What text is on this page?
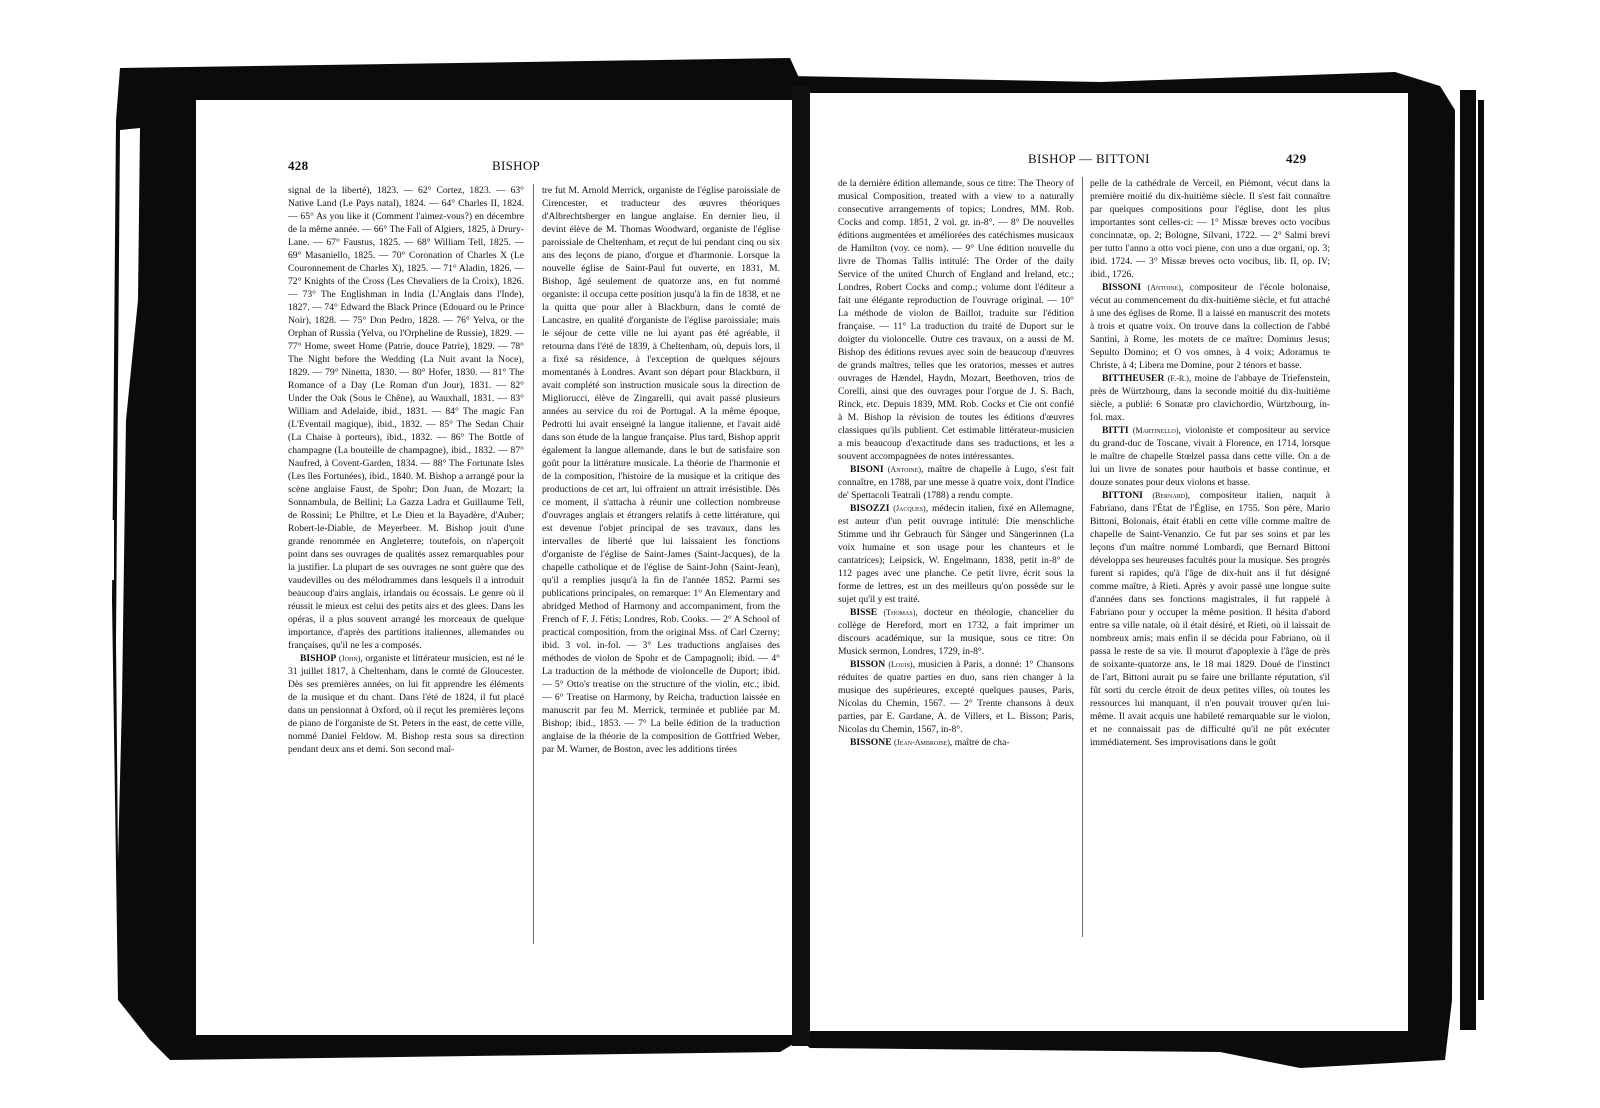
428	BISHOP

signal de la liberté), 1823. — 62° Cortez, 1823. — 63° Native Land (Le Pays natal), 1824. — 64° Charles II, 1824. — 65° As you like it (Comment l'aimez-vous?) en décembre de la même année. — 66° The Fall of Algiers, 1825, à Drury-Lane. — 67° Faustus, 1825. — 68° William Tell, 1825. — 69° Masaniello, 1825. — 70° Coronation of Charles X (Le Couronnement de Charles X), 1825. — 71° Aladin, 1826. — 72° Knights of the Cross (Les Chevaliers de la Croix), 1826. — 73° The Englishman in India (L'Anglais dans l'Inde), 1827. — 74° Edward the Black Prince (Edouard ou le Prince Noir), 1828. — 75° Don Pedro, 1828. — 76° Yelva, or the Orphan of Russia (Yelva, ou l'Orpheline de Russie), 1829. — 77° Home, sweet Home (Patrie, douce Patrie), 1829. — 78° The Night before the Wedding (La Nuit avant la Noce), 1829. — 79° Ninetta, 1830. — 80° Hofer, 1830. — 81° The Romance of a Day (Le Roman d'un Jour), 1831. — 82° Under the Oak (Sous le Chêne), au Wauxhall, 1831. — 83° William and Adelaide, ibid., 1831. — 84° The magic Fan (L'Eventail magique), ibid., 1832. — 85° The Sedan Chair (La Chaise à porteurs), ibid., 1832. — 86° The Bottle of champagne (La bouteille de champagne), ibid., 1832. — 87° Naufred, à Covent-Garden, 1834. — 88° The Fortunate Isles (Les îles Fortunées), ibid., 1840. M. Bishop a arrangé pour la scène anglaise Faust, de Spohr; Don Juan, de Mozart; la Sonnambula, de Bellini; La Gazza Ladra et Guillaume Tell, de Rossini; Le Philtre, et Le Dieu et la Bayadère, d'Auber; Robert-le-Diable, de Meyerbeer. M. Bishop jouit d'une grande renommée en Angleterre; toutefois, on n'aperçoit point dans ses ouvrages de qualités assez remarquables pour la justifier. La plupart de ses ouvrages ne sont guère que des vaudevilles ou des mélodrammes dans lesquels il a introduit beaucoup d'airs anglais, irlandais ou écossais. Le genre où il réussit le mieux est celui des petits airs et des glees. Dans les opéras, il a plus souvent arrangé les morceaux de quelque importance, d'après des partitions italiennes, allemandes ou françaises, qu'il ne les a composés.

BISHOP (John), organiste et littérateur musicien, est né le 31 juillet 1817, à Cheltenham, dans le comté de Gloucester. Dès ses premières années, on lui fit apprendre les éléments de la musique et du chant. Dans l'été de 1824, il fut placé dans un pensionnat à Oxford, où il reçut les premières leçons de piano de l'organiste de St. Peters in the east, de cette ville, nommé Daniel Feldow. M. Bishop resta sous sa direction pendant deux ans et demi. Son second maî-

tre fut M. Arnold Merrick, organiste de l'église paroissiale de Cirencester, et traducteur des œuvres théoriques d'Albrechtsberger en langue anglaise. En dernier lieu, il devint élève de M. Thomas Woodward, organiste de l'église paroissiale de Cheltenham, et reçut de lui pendant cinq ou six ans des leçons de piano, d'orgue et d'harmonie. Lorsque la nouvelle église de Saint-Paul fut ouverte, en 1831, M. Bishop, âgé seulement de quatorze ans, en fut nommé organiste: il occupa cette position jusqu'à la fin de 1838, et ne la quitta que pour aller à Blackburn, dans le comté de Lancastre, en qualité d'organiste de l'église paroissiale; mais le séjour de cette ville ne lui ayant pas été agréable, il retourna dans l'été de 1839, à Cheltenham, où, depuis lors, il a fixé sa résidence, à l'exception de quelques séjours momentanés à Londres. Avant son départ pour Blackburn, il avait complété son instruction musicale sous la direction de Migliorucci, élève de Zingarelli, qui avait passé plusieurs années au service du roi de Portugal. A la même époque, Pedrotti lui avait enseigné la langue italienne, et l'avait aidé dans son étude de la langue française. Plus tard, Bishop apprit également la langue allemande, dans le but de satisfaire son goût pour la littérature musicale. La théorie de l'harmonie et de la composition, l'histoire de la musique et la critique des productions de cet art, lui offraient un attrait irrésistible. Dès ce moment, il s'attacha à réunir une collection nombreuse d'ouvrages anglais et étrangers relatifs à cette littérature, qui est devenue l'objet principal de ses travaux, dans les intervalles de liberté que lui laissaient les fonctions d'organiste de l'église de Saint-James (Saint-Jacques), de la chapelle catholique et de l'église de Saint-John (Saint-Jean), qu'il a remplies jusqu'à la fin de l'année 1852. Parmi ses publications principales, on remarque: 1° An Elementary and abridged Method of Harmony and accompaniment, from the French of F. J. Fétis; Londres, Rob. Cooks. — 2° A School of practical composition, from the original Mss. of Carl Czerny; ibid. 3 vol. in-fol. — 3° Les traductions anglaises des méthodes de violon de Spohr et de Campagnoli; ibid. — 4° La traduction de la méthode de violoncelle de Duport; ibid. — 5° Otto's treatise on the structure of the violin, etc.; ibid. — 6° Treatise on Harmony, by Reicha, traduction laissée en manuscrit par feu M. Merrick, terminée et publiée par M. Bishop; ibid., 1853. — 7° La belle édition de la traduction anglaise de la théorie de la composition de Gottfried Weber, par M. Warner, de Boston, avec les additions tirées

BISHOP — BITTONI	429

de la dernière édition allemande, sous ce titre: The Theory of musical Composition, treated with a view to a naturally consecutive arrangements of topics; Londres, MM. Rob. Cocks and comp. 1851, 2 vol. gr. in-8°. — 8° De nouvelles éditions augmentées et améliorées des catéchismes musicaux de Hamilton (voy. ce nom). — 9° Une édition nouvelle du livre de Thomas Tallis intitulé: The Order of the daily Service of the united Church of England and Ireland, etc.; Londres, Robert Cocks and comp.; volume dont l'éditeur a fait une élégante reproduction de l'ouvrage original. — 10° La méthode de violon de Baillot, traduite sur l'édition française. — 11° La traduction du traité de Duport sur le doigter du violoncelle. Outre ces travaux, on a aussi de M. Bishop des éditions revues avec soin de beaucoup d'œuvres de grands maîtres, telles que les oratorios, messes et autres ouvrages de Hændel, Haydn, Mozart, Beethoven, trios de Corelli, ainsi que des ouvrages pour l'orgue de J. S. Bach, Rinck, etc. Depuis 1839, MM. Rob. Cocks et Cie ont confié à M. Bishop la révision de toutes les éditions d'œuvres classiques qu'ils publient. Cet estimable littérateur-musicien a mis beaucoup d'exactitude dans ses traductions, et les a souvent accompagnées de notes intéressantes.

BISONI (Antoine), maître de chapelle à Lugo, s'est fait connaître, en 1788, par une messe à quatre voix, dont l'Indice de' Spettacoli Teatrali (1788) a rendu compte.

BISOZZI (Jacques), médecin italien, fixé en Allemagne, est auteur d'un petit ouvrage intitulé: Die menschliche Stimme und ihr Gebrauch für Sänger und Sängerinnen (La voix humaine et son usage pour les chanteurs et le cantatrices); Leipsick, W. Engelmann, 1838, petit in-8° de 112 pages avec une planche. Ce petit livre, écrit sous la forme de lettres, est un des meilleurs qu'on possède sur le sujet qu'il y est traité.

BISSE (Thomas), docteur en théologie, chancelier du collège de Hereford, mort en 1732, a fait imprimer un discours académique, sur la musique, sous ce titre: On Musick sermon, Londres, 1729, in-8°.

BISSON (Louis), musicien à Paris, a donné: 1° Chansons réduites de quatre parties en duo, sans rien changer à la musique des supérieures, excepté quelques pauses, Paris, Nicolas du Chemin, 1567. — 2° Trente chansons à deux parties, par E. Gardane, A. de Villers, et L. Bisson; Paris, Nicolas du Chemin, 1567, in-8°.

BISSONE (Jean-Ambroise), maître de cha-

pelle de la cathédrale de Verceil, en Piémont, vécut dans la première moitié du dix-huitième siècle. Il s'est fait connaître par quelques compositions pour l'église, dont les plus importantes sont celles-ci: — 1° Missæ breves octo vocibus concinnatæ, op. 2; Bologne, Silvani, 1722. — 2° Salmi brevi per tutto l'anno a otto voci piene, con uno a due organi, op. 3; ibid. 1724. — 3° Missæ breves octo vocibus, lib. II, op. IV; ibid., 1726.

BISSONI (Antoine), compositeur de l'école bolonaise, vécut au commencement du dix-huitième siècle, et fut attaché à une des églises de Rome. Il a laissé en manuscrit des motets à trois et quatre voix. On trouve dans la collection de l'abbé Santini, à Rome, les motets de ce maître: Dominus Jesus; Sepulto Domino; et O vos omnes, à 4 voix; Adoramus te Christe, à 4; Libera me Domine, pour 2 ténors et basse.

BITTHEUSER (F.-R.), moine de l'abbaye de Triefenstein, près de Würtzbourg, dans la seconde moitié du dix-huitième siècle, a publié: 6 Sonatæ pro clavichordio, Würtzbourg, in-fol. max.

BITTI (Martinello), violoniste et compositeur au service du grand-duc de Toscane, vivait à Florence, en 1714, lorsque le maître de chapelle Stœlzel passa dans cette ville. On a de lui un livre de sonates pour hautbois et basse continue, et douze sonates pour deux violons et basse.

BITTONI (Bernard), compositeur italien, naquit à Fabriano, dans l'État de l'Église, en 1755. Son père, Mario Bittoni, Bolonais, était établi en cette ville comme maître de chapelle de Saint-Venanzio. Ce fut par ses soins et par les leçons d'un maître nommé Lombardi, que Bernard Bittoni développa ses heureuses facultés pour la musique. Ses progrès furent si rapides, qu'à l'âge de dix-huit ans il fut désigné comme maître, à Rieti. Après y avoir passé une longue suite d'années dans ses fonctions magistrales, il fut rappelé à Fabriano pour y occuper la même position. Il hésita d'abord entre sa ville natale, où il était désiré, et Rieti, où il laissait de nombreux amis; mais enfin il se décida pour Fabriano, où il passa le reste de sa vie. Il mourut d'apoplexie à l'âge de près de soixante-quatorze ans, le 18 mai 1829. Doué de l'instinct de l'art, Bittoni aurait pu se faire une brillante réputation, s'il fût sorti du cercle étroit de deux petites villes, où toutes les ressources lui manquant, il n'en pouvait trouver qu'en lui-même. Il avait acquis une habileté remarquable sur le violon, et ne connaissait pas de difficulté qu'il ne pût exécuter immédiatement. Ses improvisations dans le goût
